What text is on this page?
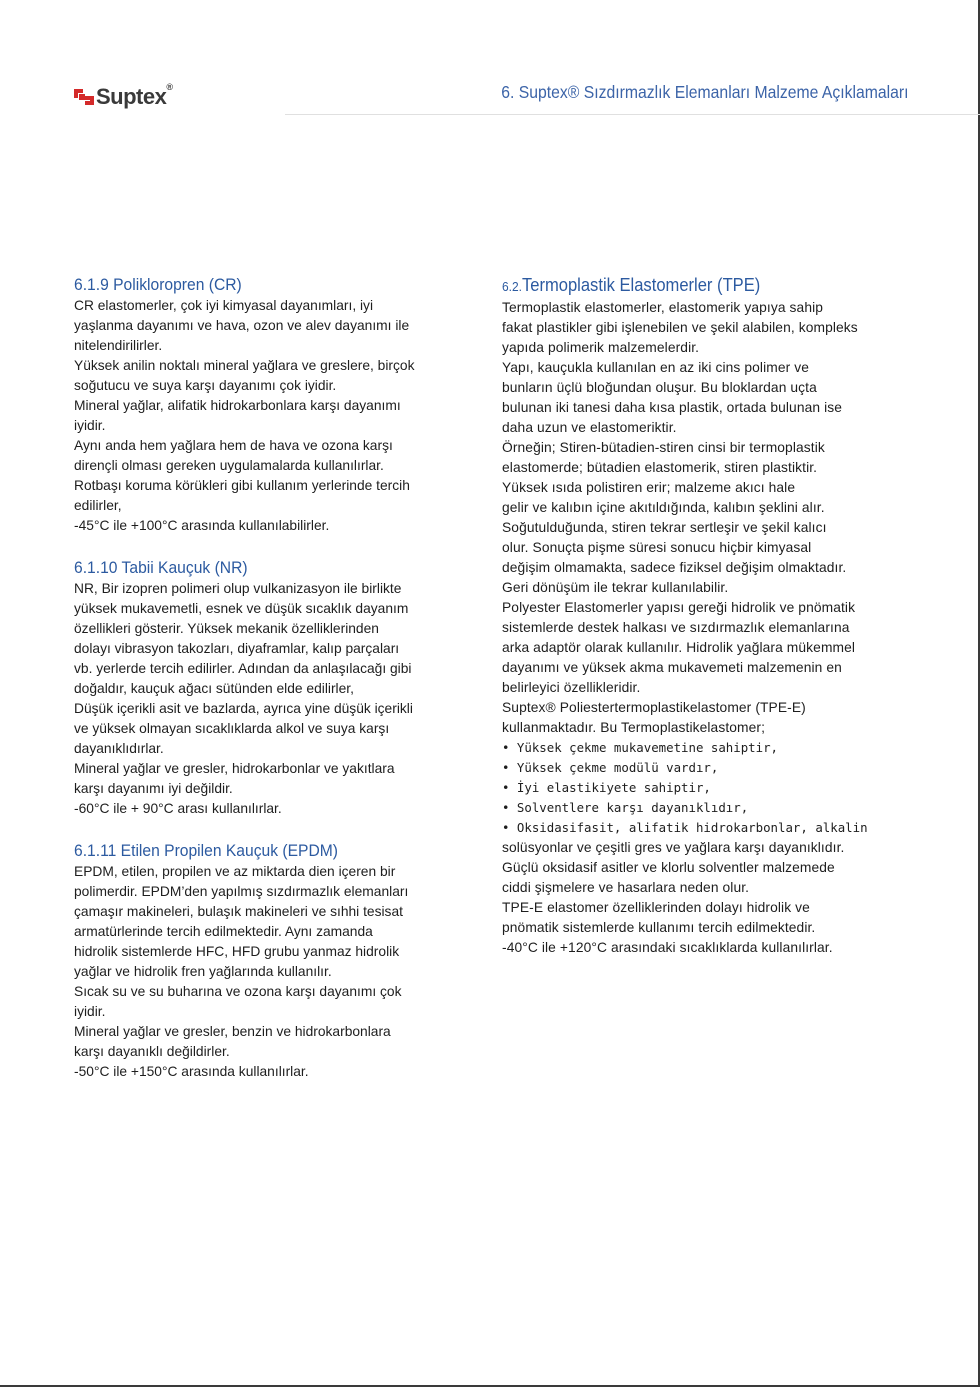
Suptex®	6. Suptex® Sızdırmazlık Elemanları Malzeme Açıklamaları
6.1.9 Polikloropren (CR)

CR elastomerler, çok iyi kimyasal dayanımları, iyi

yaşlanma dayanımı ve hava, ozon ve alev dayanımı ile

nitelendirilirler.

Yüksek anilin noktalı mineral yağlara ve greslere, birçok

soğutucu ve suya karşı dayanımı çok iyidir.

Mineral yağlar, alifatik hidrokarbonlara karşı dayanımı

iyidir.

Aynı anda hem yağlara hem de hava ve ozona karşı

dirençli olması gereken uygulamalarda kullanılırlar.

Rotbaşı koruma körükleri gibi kullanım yerlerinde tercih

edilirler,

-45°C ile +100°C arasında kullanılabilirler.

6.1.10 Tabii Kauçuk (NR)

NR, Bir izopren polimeri olup vulkanizasyon ile birlikte

yüksek mukavemetli, esnek ve düşük sıcaklık dayanım

özellikleri gösterir. Yüksek mekanik özelliklerinden

dolayı vibrasyon takozları, diyaframlar, kalıp parçaları

vb. yerlerde tercih edilirler. Adından da anlaşılacağı gibi

doğaldır, kauçuk ağacı sütünden elde edilirler,

Düşük içerikli asit ve bazlarda, ayrıca yine düşük içerikli

ve yüksek olmayan sıcaklıklarda alkol ve suya karşı

dayanıklıdırlar.

Mineral yağlar ve gresler, hidrokarbonlar ve yakıtlara

karşı dayanımı iyi değildir.

-60°C ile + 90°C arası kullanılırlar.

6.1.11 Etilen Propilen Kauçuk (EPDM)

EPDM, etilen, propilen ve az miktarda dien içeren bir

polimerdir. EPDM’den yapılmış sızdırmazlık elemanları

çamaşır makineleri, bulaşık makineleri ve sıhhi tesisat

armatürlerinde tercih edilmektedir. Aynı zamanda

hidrolik sistemlerde HFC, HFD grubu yanmaz hidrolik

yağlar ve hidrolik fren yağlarında kullanılır.

Sıcak su ve su buharına ve ozona karşı dayanımı çok

iyidir.

Mineral yağlar ve gresler, benzin ve hidrokarbonlara

karşı dayanıklı değildirler.

-50°C ile +150°C arasında kullanılırlar.

6.2.Termoplastik Elastomerler (TPE)

Termoplastik elastomerler, elastomerik yapıya sahip

fakat plastikler gibi işlenebilen ve şekil alabilen, kompleks

yapıda polimerik malzemelerdir.

Yapı, kauçukla kullanılan en az iki cins polimer ve

bunların üçlü bloğundan oluşur. Bu bloklardan uçta

bulunan iki tanesi daha kısa plastik, ortada bulunan ise

daha uzun ve elastomeriktir.

Örneğin; Stiren-bütadien-stiren cinsi bir termoplastik

elastomerde; bütadien elastomerik, stiren plastiktir.

Yüksek ısıda polistiren erir; malzeme akıcı hale

gelir ve kalıbın içine akıtıldığında, kalıbın şeklini alır.

Soğutulduğunda, stiren tekrar sertleşir ve şekil kalıcı

olur. Sonuçta pişme süresi sonucu hiçbir kimyasal

değişim olmamakta, sadece fiziksel değişim olmaktadır.

Geri dönüşüm ile tekrar kullanılabilir.

Polyester Elastomerler yapısı gereği hidrolik ve pnömatik

sistemlerde destek halkası ve sızdırmazlık elemanlarına

arka adaptör olarak kullanılır. Hidrolik yağlara mükemmel

dayanımı ve yüksek akma mukavemeti malzemenin en

belirleyici özellikleridir.

Suptex® Poliestertermoplastikelastomer (TPE-E)

kullanmaktadır. Bu Termoplastikelastomer;

• Yüksek çekme mukavemetine sahiptir,
• Yüksek çekme modülü vardır,
• İyi elastikiyete sahiptir,
• Solventlere karşı dayanıklıdır,
• Oksidasifasit, alifatik hidrokarbonlar, alkalin

solüsyonlar ve çeşitli gres ve yağlara karşı dayanıklıdır.

Güçlü oksidasif asitler ve klorlu solventler malzemede

ciddi şişmelere ve hasarlara neden olur.

TPE-E elastomer özelliklerinden dolayı hidrolik ve

pnömatik sistemlerde kullanımı tercih edilmektedir.

-40°C ile +120°C arasındaki sıcaklıklarda kullanılırlar.
